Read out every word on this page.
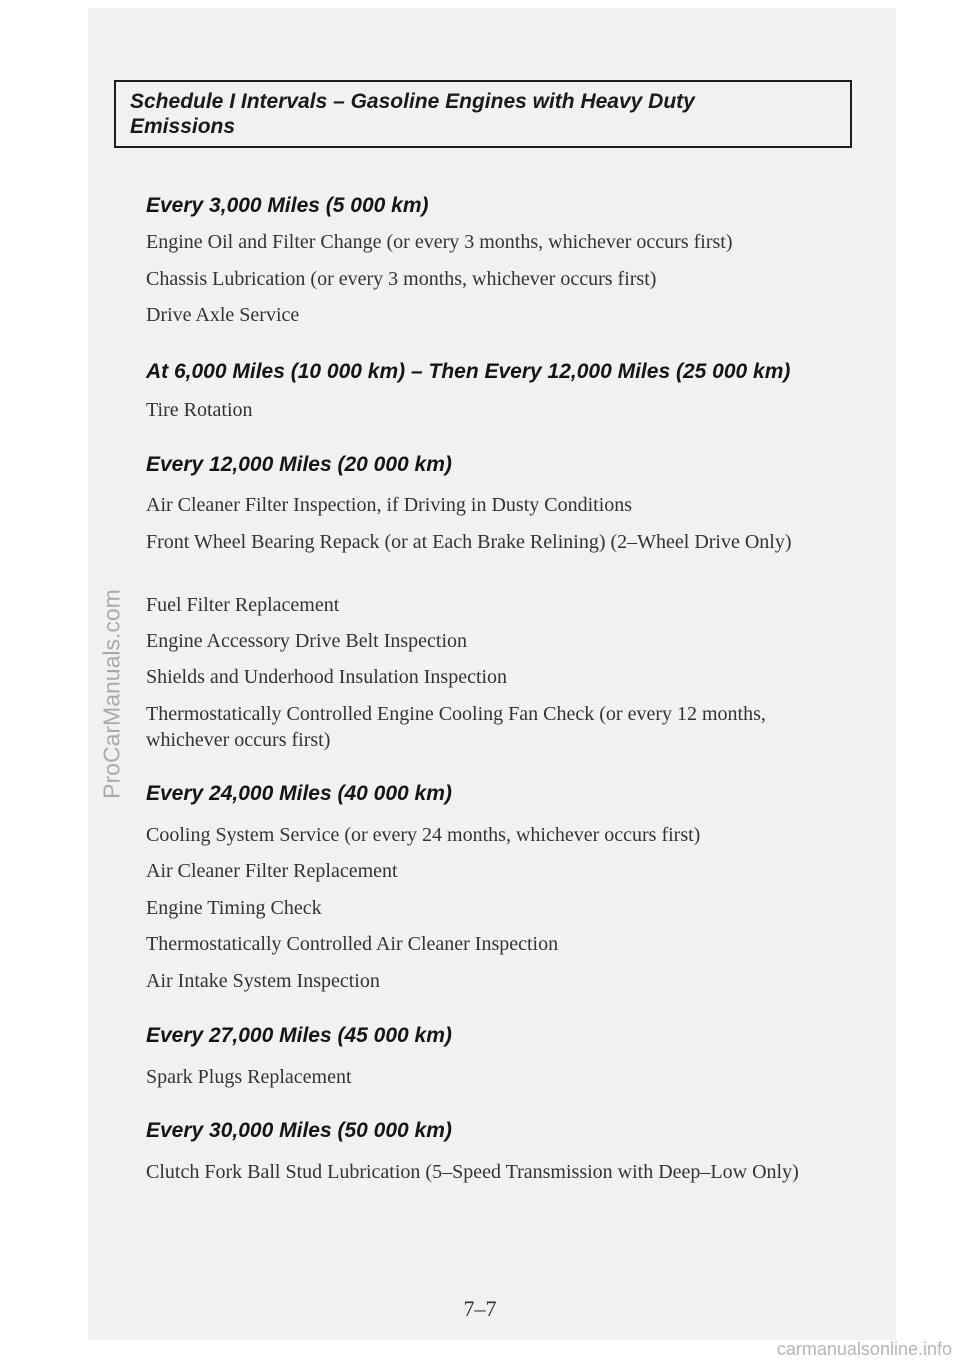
Schedule I Intervals – Gasoline Engines with Heavy Duty Emissions
Every 3,000 Miles (5 000 km)
Engine Oil and Filter Change (or every 3 months, whichever occurs first)
Chassis Lubrication (or every 3 months, whichever occurs first)
Drive Axle Service
At 6,000 Miles (10 000 km) – Then Every 12,000 Miles (25 000 km)
Tire Rotation
Every 12,000 Miles (20 000 km)
Air Cleaner Filter Inspection, if Driving in Dusty Conditions
Front Wheel Bearing Repack (or at Each Brake Relining) (2–Wheel Drive Only)
Fuel Filter Replacement
Engine Accessory Drive Belt Inspection
Shields and Underhood Insulation Inspection
Thermostatically Controlled Engine Cooling Fan Check (or every 12 months, whichever occurs first)
Every 24,000 Miles (40 000 km)
Cooling System Service (or every 24 months, whichever occurs first)
Air Cleaner Filter Replacement
Engine Timing Check
Thermostatically Controlled Air Cleaner Inspection
Air Intake System Inspection
Every 27,000 Miles (45 000 km)
Spark Plugs Replacement
Every 30,000 Miles (50 000 km)
Clutch Fork Ball Stud Lubrication (5–Speed Transmission with Deep–Low Only)
7–7
ProCarManuals.com
carmanualsonline.info
